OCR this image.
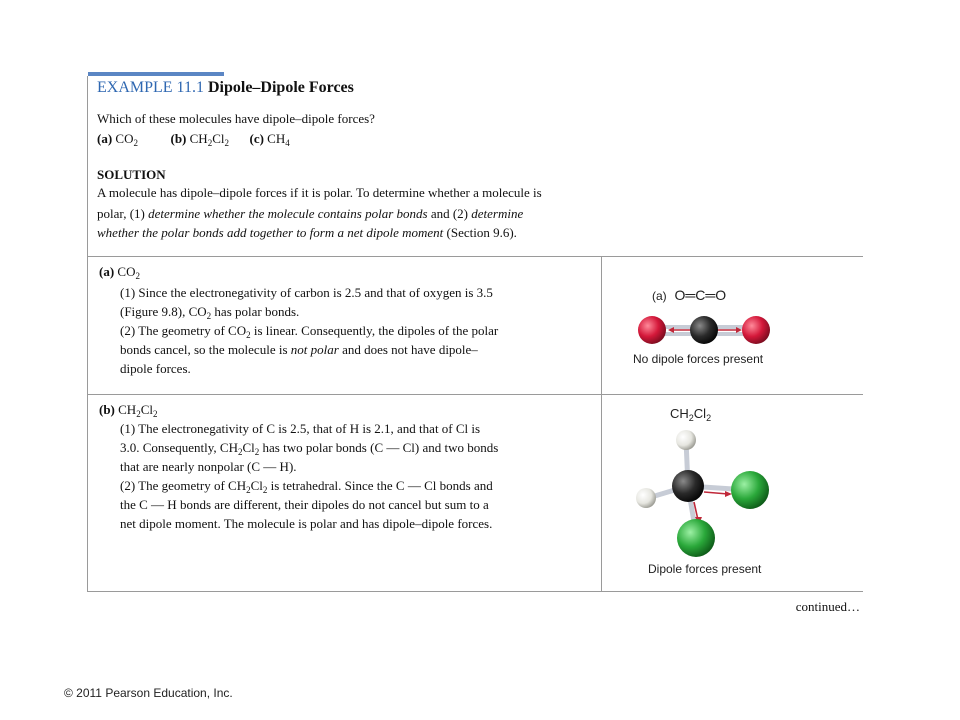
EXAMPLE 11.1 Dipole–Dipole Forces
Which of these molecules have dipole–dipole forces?
(a) $CO_2$	(b) $CH_2Cl_2$ (c) $CH_4$
SOLUTION
A molecule has dipole–dipole forces if it is polar. To determine whether a molecule is
polar, (1) determine whether the molecule contains polar bonds and (2) determine
whether the polar bonds add together to form a net dipole moment (Section 9.6).
(a) $CO_2$
(1) Since the electronegativity of carbon is 2.5 and that of oxygen is 3.5
(Figure 9.8), $CO_2$ has polar bonds.
(2) The geometry of $CO_2$ is linear. Consequently, the dipoles of the polar
bonds cancel, so the molecule is not polar and does not have dipole–
dipole forces.
(a) O═C═O
No dipole forces present
(b) $CH_2Cl_2$
(1) The electronegativity of C is 2.5, that of H is 2.1, and that of Cl is
3.0. Consequently, $CH_2Cl_2$ has two polar bonds (C — Cl) and two bonds
that are nearly nonpolar (C — H).
(2) The geometry of $CH_2Cl_2$ is tetrahedral. Since the C — Cl bonds and
the C — H bonds are different, their dipoles do not cancel but sum to a
net dipole moment. The molecule is polar and has dipole–dipole forces.
$CH_2Cl_2$
Dipole forces present
continued…
© 2011 Pearson Education, Inc.
